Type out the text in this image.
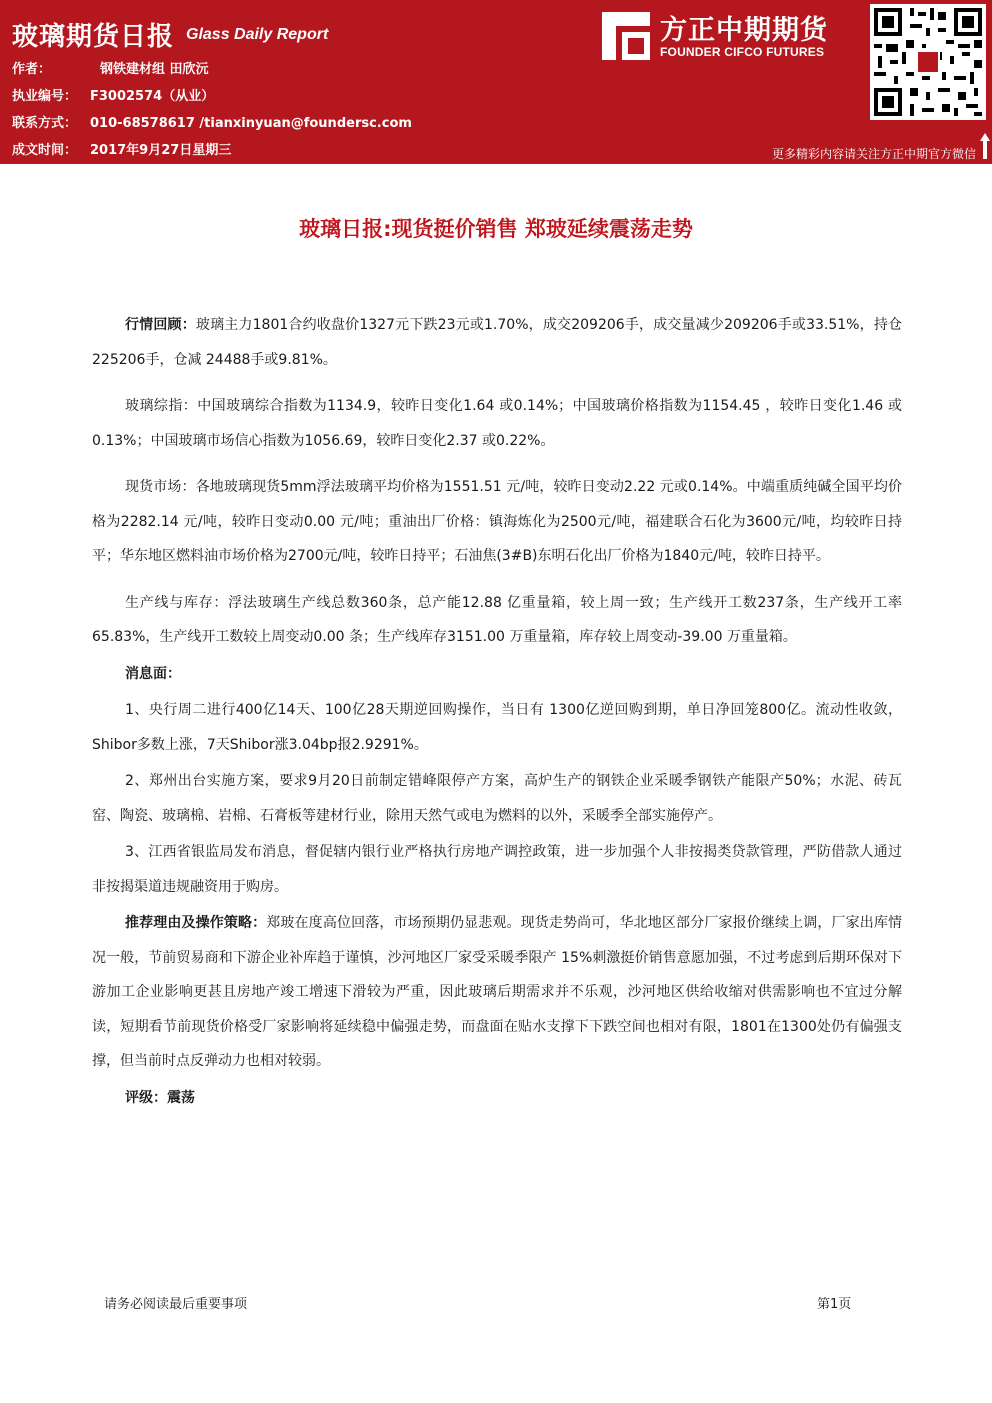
玻璃期货日报 Glass Daily Report
作者：	钢铁建材组 田欣沅
执业编号： F3002574（从业）
联系方式： 010-68578617 /tianxinyuan@foundersc.com
成文时间： 2017年9月27日星期三
方正中期期货
FOUNDER CIFCO FUTURES
更多精彩内容请关注方正中期官方微信
玻璃日报:现货挺价销售 郑玻延续震荡走势

行情回顾：玻璃主力1801合约收盘价1327元下跌23元或1.70%，成交209206手，成交量减少209206手或33.51%，持仓225206手，仓减 24488手或9.81%。

玻璃综指：中国玻璃综合指数为1134.9，较昨日变化1.64 或0.14%；中国玻璃价格指数为1154.45 ，较昨日变化1.46 或0.13%；中国玻璃市场信心指数为1056.69，较昨日变化2.37 或0.22%。

现货市场：各地玻璃现货5mm浮法玻璃平均价格为1551.51 元/吨，较昨日变动2.22 元或0.14%。中端重质纯碱全国平均价格为2282.14 元/吨，较昨日变动0.00 元/吨；重油出厂价格：镇海炼化为2500元/吨，福建联合石化为3600元/吨，均较昨日持平；华东地区燃料油市场价格为2700元/吨，较昨日持平；石油焦(3#B)东明石化出厂价格为1840元/吨，较昨日持平。

生产线与库存：浮法玻璃生产线总数360条，总产能12.88 亿重量箱，较上周一致；生产线开工数237条，生产线开工率65.83%，生产线开工数较上周变动0.00 条；生产线库存3151.00 万重量箱，库存较上周变动-39.00 万重量箱。

消息面：

1、央行周二进行400亿14天、100亿28天期逆回购操作，当日有 1300亿逆回购到期，单日净回笼800亿。流动性收敛，Shibor多数上涨，7天Shibor涨3.04bp报2.9291%。

2、郑州出台实施方案，要求9月20日前制定错峰限停产方案，高炉生产的钢铁企业采暖季钢铁产能限产50%；水泥、砖瓦窑、陶瓷、玻璃棉、岩棉、石膏板等建材行业，除用天然气或电为燃料的以外，采暖季全部实施停产。

3、江西省银监局发布消息，督促辖内银行业严格执行房地产调控政策，进一步加强个人非按揭类贷款管理，严防借款人通过非按揭渠道违规融资用于购房。

推荐理由及操作策略：郑玻在度高位回落，市场预期仍显悲观。现货走势尚可，华北地区部分厂家报价继续上调，厂家出库情况一般，节前贸易商和下游企业补库趋于谨慎，沙河地区厂家受采暖季限产 15%刺激挺价销售意愿加强，不过考虑到后期环保对下游加工企业影响更甚且房地产竣工增速下滑较为严重，因此玻璃后期需求并不乐观，沙河地区供给收缩对供需影响也不宜过分解读，短期看节前现货价格受厂家影响将延续稳中偏强走势，而盘面在贴水支撑下下跌空间也相对有限，1801在1300处仍有偏强支撑，但当前时点反弹动力也相对较弱。

评级：震荡

请务必阅读最后重要事项	第1页
